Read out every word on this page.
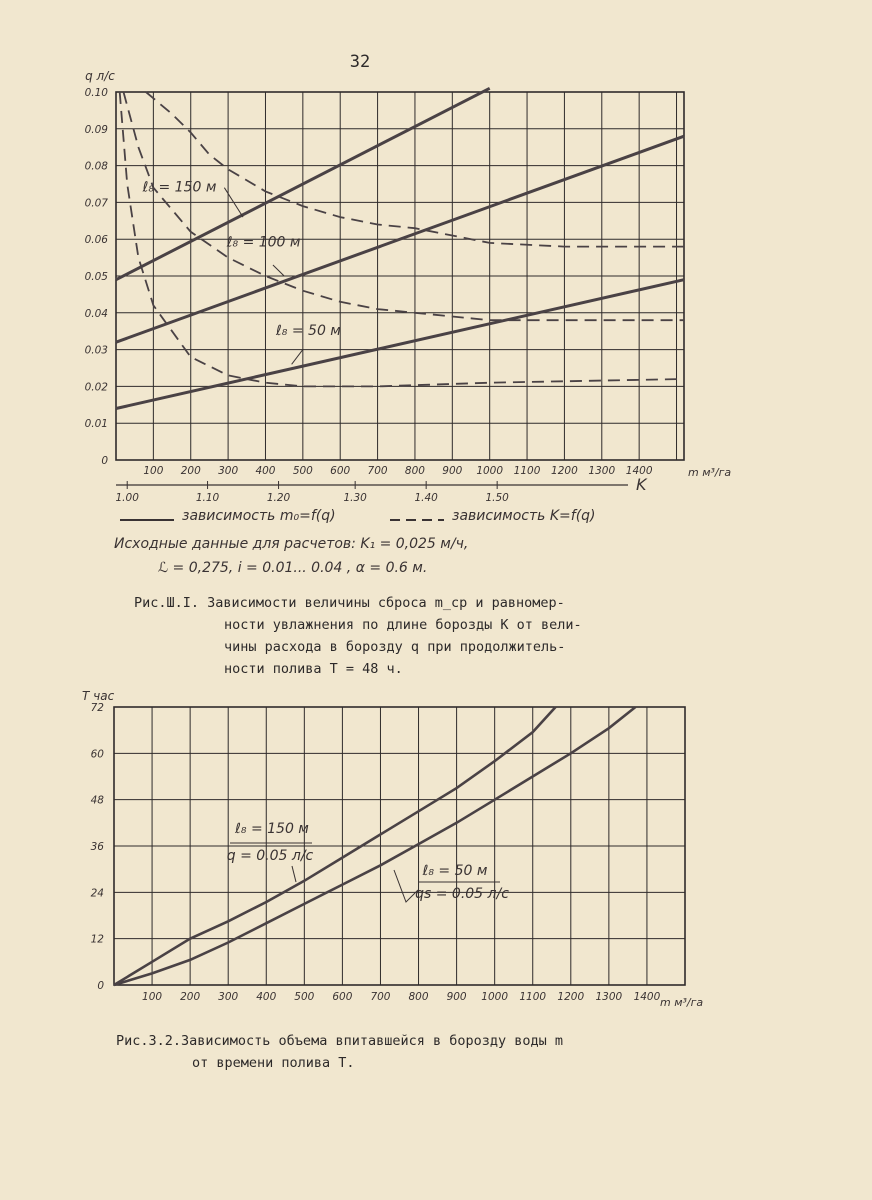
32
0
0.01
0.02
0.03
0.04
0.05
0.06
0.07
0.08
0.09
0.10
100 200 300 400 500 600 700 800 900 1000 1100 1200 1300 1400
1.00	1.10	1.20	1.30	1.40	1.50
K
q л/с
m м³/га
ℓ₈ = 150 м
ℓ₈ = 100 м
ℓ₈ = 50 м
0
12
24
36
48
60
72
100 200 300 400 500 600 700 800 900 1000 1100 1200 1300 1400
T час
m м³/га
ℓ₈ = 150 м
q = 0.05 л/с
ℓ₈ = 50 м
qs = 0.05 л/с
зависимость m₀=f(q)	зависимость K=f(q)
Исходные данные для расчетов: K₁ = 0,025 м/ч,
ℒ = 0,275, i = 0.01... 0.04 , α = 0.6 м.
Рис.Ш.I. Зависимости величины сброса m_ср и равномер-
ности увлажнения по длине борозды K от вели-
чины расхода в борозду q при продолжитель-
ности полива T = 48 ч.
Рис.3.2.Зависимость объема впитавшейся в борозду воды m
от времени полива T.
